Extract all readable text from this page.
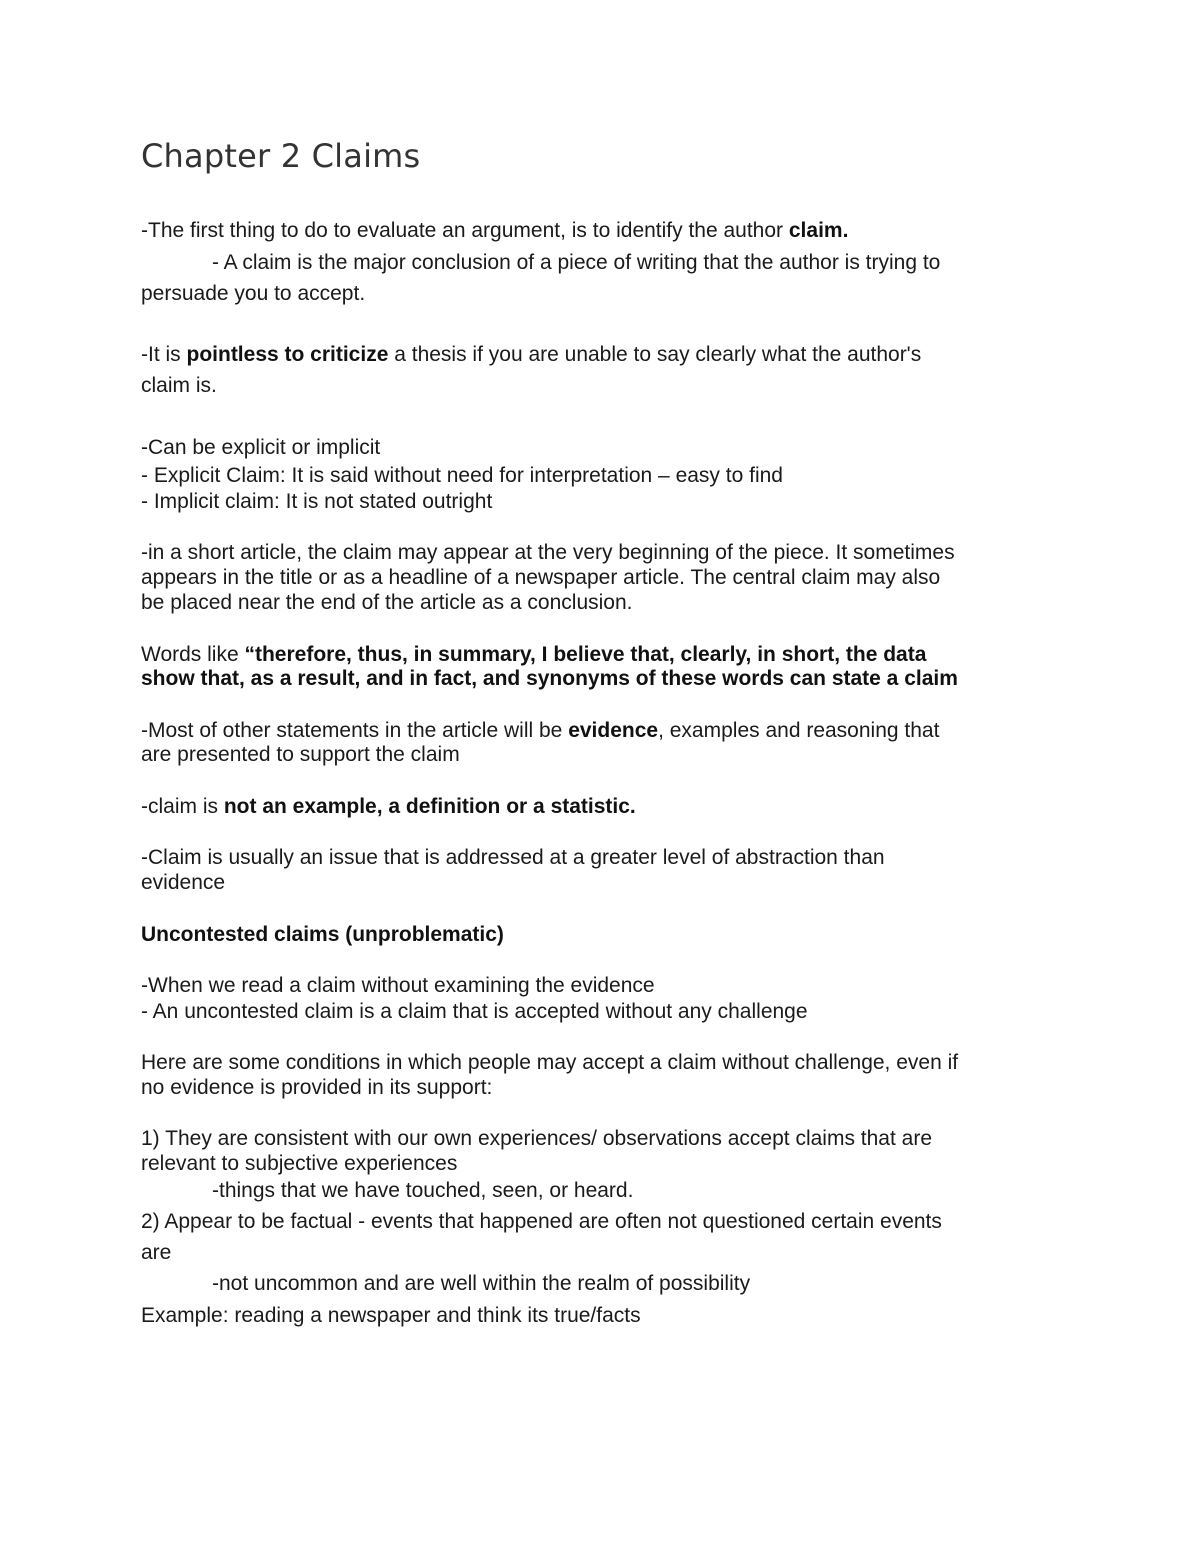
Chapter 2 Claims

-The first thing to do to evaluate an argument, is to identify the author claim.

- A claim is the major conclusion of a piece of writing that the author is trying to

persuade you to accept.

-It is pointless to criticize a thesis if you are unable to say clearly what the author's

claim is.

-Can be explicit or implicit

- Explicit Claim: It is said without need for interpretation – easy to find

- Implicit claim: It is not stated outright

-in a short article, the claim may appear at the very beginning of the piece. It sometimes

appears in the title or as a headline of a newspaper article. The central claim may also

be placed near the end of the article as a conclusion.

Words like “therefore, thus, in summary, I believe that, clearly, in short, the data

show that, as a result, and in fact, and synonyms of these words can state a claim

-Most of other statements in the article will be evidence, examples and reasoning that

are presented to support the claim

-claim is not an example, a definition or a statistic.

-Claim is usually an issue that is addressed at a greater level of abstraction than

evidence

Uncontested claims (unproblematic)

-When we read a claim without examining the evidence

- An uncontested claim is a claim that is accepted without any challenge

Here are some conditions in which people may accept a claim without challenge, even if

no evidence is provided in its support:

1) They are consistent with our own experiences/ observations accept claims that are

relevant to subjective experiences

-things that we have touched, seen, or heard.

2) Appear to be factual - events that happened are often not questioned certain events

are

-not uncommon and are well within the realm of possibility

Example: reading a newspaper and think its true/facts
